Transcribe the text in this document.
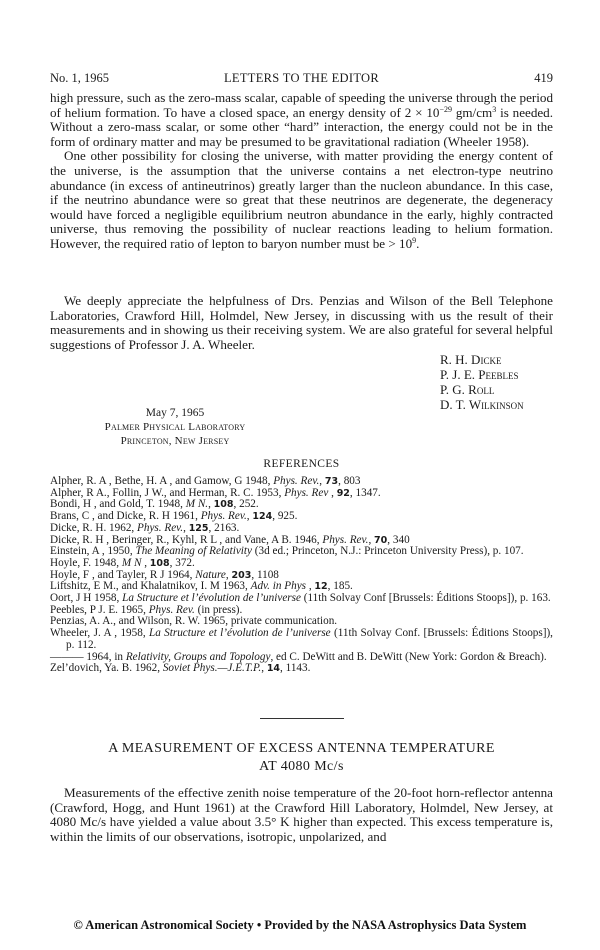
No. 1, 1965	LETTERS TO THE EDITOR	419

high pressure, such as the zero-mass scalar, capable of speeding the universe through the period of helium formation. To have a closed space, an energy density of $2 \times 10^{-29}$ $gm/cm^3$ is needed. Without a zero-mass scalar, or some other “hard” interaction, the energy could not be in the form of ordinary matter and may be presumed to be gravitational radiation (Wheeler 1958).

One other possibility for closing the universe, with matter providing the energy content of the universe, is the assumption that the universe contains a net electron-type neutrino abundance (in excess of antineutrinos) greatly larger than the nucleon abundance. In this case, if the neutrino abundance were so great that these neutrinos are degenerate, the degeneracy would have forced a negligible equilibrium neutron abundance in the early, highly contracted universe, thus removing the possibility of nuclear reactions leading to helium formation. However, the required ratio of lepton to baryon number must be > $10^9$.

We deeply appreciate the helpfulness of Drs. Penzias and Wilson of the Bell Telephone Laboratories, Crawford Hill, Holmdel, New Jersey, in discussing with us the result of their measurements and in showing us their receiving system. We are also grateful for several helpful suggestions of Professor J. A. Wheeler.

R. H. Dicke
P. J. E. Peebles
P. G. Roll
D. T. Wilkinson
May 7, 1965
Palmer Physical Laboratory
Princeton, New Jersey
REFERENCES
Alpher, R. A , Bethe, H. A , and Gamow, G 1948, Phys. Rev., 73, 803
Alpher, R A., Follin, J W., and Herman, R. C. 1953, Phys. Rev , 92, 1347.
Bondi, H , and Gold, T. 1948, M N., 108, 252.
Brans, C , and Dicke, R. H 1961, Phys. Rev., 124, 925.
Dicke, R. H. 1962, Phys. Rev., 125, 2163.
Dicke, R. H , Beringer, R., Kyhl, R L , and Vane, A B. 1946, Phys. Rev., 70, 340
Einstein, A , 1950, The Meaning of Relativity (3d ed.; Princeton, N.J.: Princeton University Press), p. 107.
Hoyle, F. 1948, M N , 108, 372.
Hoyle, F , and Tayler, R J 1964, Nature, 203, 1108
Liftshitz, E M., and Khalatnikov, I. M 1963, Adv. in Phys , 12, 185.
Oort, J H 1958, La Structure et l’évolution de l’universe (11th Solvay Conf [Brussels: Éditions Stoops]), p. 163.
Peebles, P J. E. 1965, Phys. Rev. (in press).
Penzias, A. A., and Wilson, R. W. 1965, private communication.
Wheeler, J. A , 1958, La Structure et l’évolution de l’universe (11th Solvay Conf. [Brussels: Éditions Stoops]), p. 112.
——— 1964, in Relativity, Groups and Topology, ed C. DeWitt and B. DeWitt (New York: Gordon & Breach).
Zel’dovich, Ya. B. 1962, Soviet Phys.—J.E.T.P., 14, 1143.
A MEASUREMENT OF EXCESS ANTENNA TEMPERATURE
AT 4080 Mc/s

Measurements of the effective zenith noise temperature of the 20-foot horn-reflector antenna (Crawford, Hogg, and Hunt 1961) at the Crawford Hill Laboratory, Holmdel, New Jersey, at 4080 Mc/s have yielded a value about 3.5° K higher than expected. This excess temperature is, within the limits of our observations, isotropic, unpolarized, and

© American Astronomical Society • Provided by the NASA Astrophysics Data System
